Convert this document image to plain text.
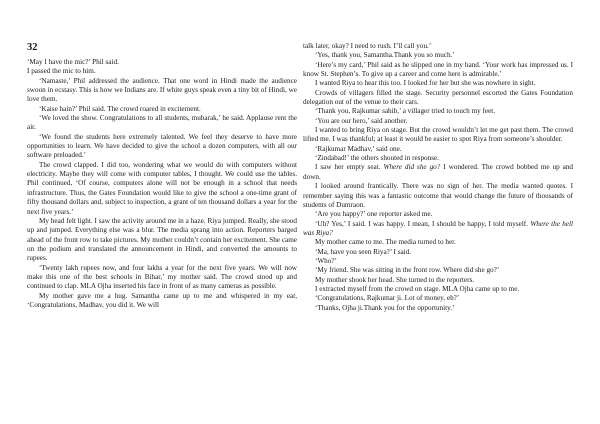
32

‘May I have the mic?’ Phil said.

I passed the mic to him.

‘Namaste,’ Phil addressed the audience. That one word in Hindi made the audience swoon in ecstasy. This is how we Indians are. If white guys speak even a tiny bit of Hindi, we love them.

‘Kaise hain?’ Phil said. The crowd roared in excitement.

‘We loved the show. Congratulations to all students, mubarak,’ he said. Applause rent the air.

‘We found the students here extremely talented. We feel they deserve to have more opportunities to learn. We have decided to give the school a dozen computers, with all our software preloaded.’

The crowd clapped. I did too, wondering what we would do with computers without electricity. Maybe they will come with computer tables, I thought. We could use the tables. Phil continued, ‘Of course, computers alone will not be enough in a school that needs infrastructure. Thus, the Gates Foundation would like to give the school a one-time grant of fifty thousand dollars and, subject to inspection, a grant of ten thousand dollars a year for the next five years.’

My head felt light. I saw the activity around me in a haze. Riya jumped. Really, she stood up and jumped. Everything else was a blur. The media sprang into action. Reporters barged ahead of the front row to take pictures. My mother couldn’t contain her excitement. She came on the podium and translated the announcement in Hindi, and converted the amounts to rupees.

‘Twenty lakh rupees now, and four lakhs a year for the next five years. We will now make this one of the best schools in Bihar,’ my mother said. The crowd stood up and continued to clap. MLA Ojha inserted his face in front of as many cameras as possible.

My mother gave me a hug. Samantha came up to me and whispered in my ear, ‘Congratulations, Madhav, you did it. We will

talk later, okay? I need to rush. I’ll call you.’

‘Yes, thank you, Samantha.Thank you so much.’

‘Here’s my card,’ Phil said as he slipped one in my hand. ‘Your work has impressed us. I know St. Stephen’s. To give up a career and come here is admirable.’

I wanted Riya to hear this too. I looked for her but she was nowhere in sight.

Crowds of villagers filled the stage. Security personnel escorted the Gates Foundation delegation out of the venue to their cars.

‘Thank you, Rajkumar sahib,’ a villager tried to touch my feet.

‘You are our hero,’ said another.

I wanted to bring Riya on stage. But the crowd wouldn’t let me get past them. The crowd lifted me. I was thankful; at least it would be easier to spot Riya from someone’s shoulder.

‘Rajkumar Madhav,’ said one.

‘Zindabad!’ the others shouted in response.

I saw her empty seat. Where did she go? I wondered. The crowd bobbed me up and down.

I looked around frantically. There was no sign of her. The media wanted quotes. I remember saying this was a fantastic outcome that would change the future of thousands of students of Dumraon.

‘Are you happy?’ one reporter asked me.

‘Uh? Yes,’ I said. I was happy. I mean, I should be happy, I told myself. Where the hell was Riya?

My mother came to me. The media turned to her.

‘Ma, have you seen Riya?’ I said.

‘Who?’

‘My friend. She was sitting in the front row. Where did she go?’

My mother shook her head. She turned to the reporters.

I extracted myself from the crowd on stage. MLA Ojha came up to me.

‘Congratulations, Rajkumar ji. Lot of money, eh?’

‘Thanks, Ojha ji.Thank you for the opportunity.’
